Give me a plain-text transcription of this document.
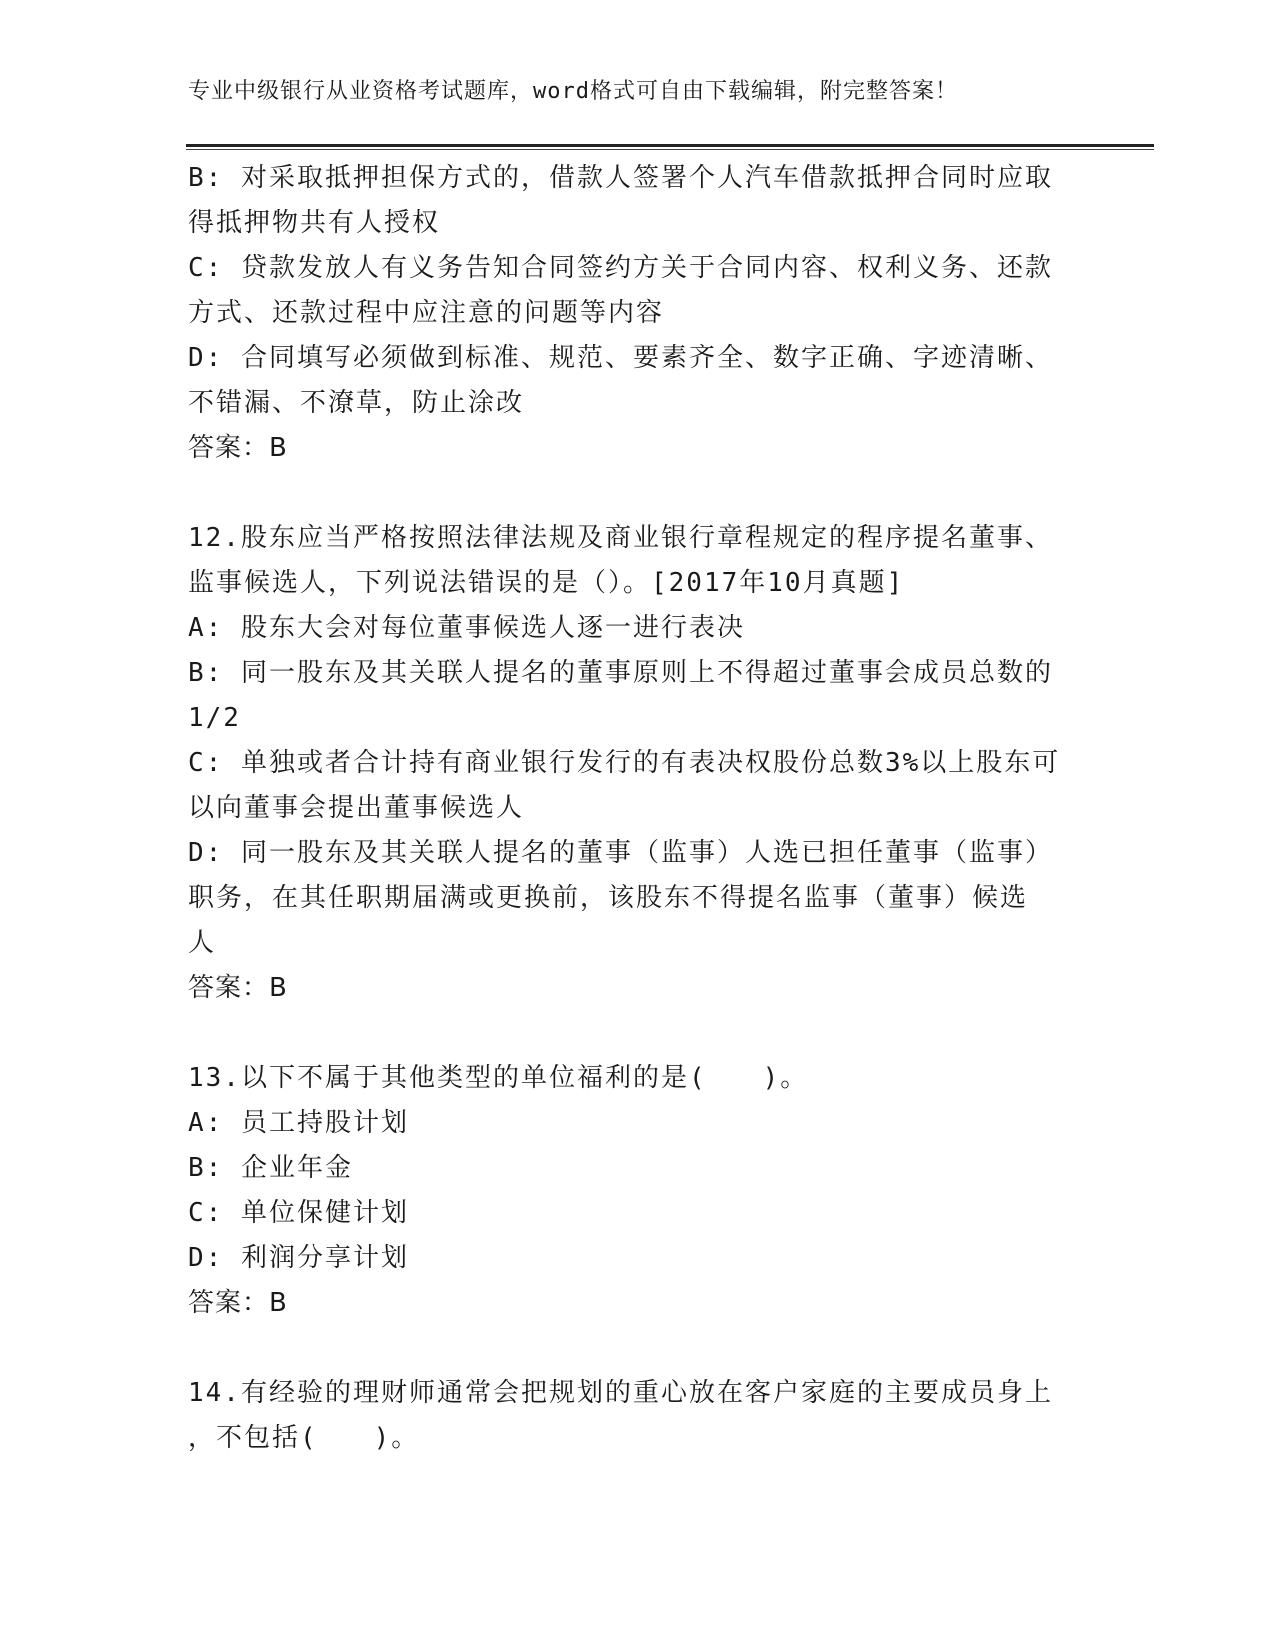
专业中级银行从业资格考试题库，word格式可自由下载编辑，附完整答案！
B: 对采取抵押担保方式的，借款人签署个人汽车借款抵押合同时应取
得抵押物共有人授权
C: 贷款发放人有义务告知合同签约方关于合同内容、权利义务、还款
方式、还款过程中应注意的问题等内容
D: 合同填写必须做到标准、规范、要素齐全、数字正确、字迹清晰、
不错漏、不潦草，防止涂改
答案：B
12.股东应当严格按照法律法规及商业银行章程规定的程序提名董事、
监事候选人，下列说法错误的是（）。[2017年10月真题]
A: 股东大会对每位董事候选人逐一进行表决
B: 同一股东及其关联人提名的董事原则上不得超过董事会成员总数的
1/2
C: 单独或者合计持有商业银行发行的有表决权股份总数3%以上股东可
以向董事会提出董事候选人
D: 同一股东及其关联人提名的董事（监事）人选已担任董事（监事）
职务，在其任职期届满或更换前，该股东不得提名监事（董事）候选
人
答案：B
13.以下不属于其他类型的单位福利的是(　　)。
A: 员工持股计划
B: 企业年金
C: 单位保健计划
D: 利润分享计划
答案：B
14.有经验的理财师通常会把规划的重心放在客户家庭的主要成员身上
，不包括(　　)。
